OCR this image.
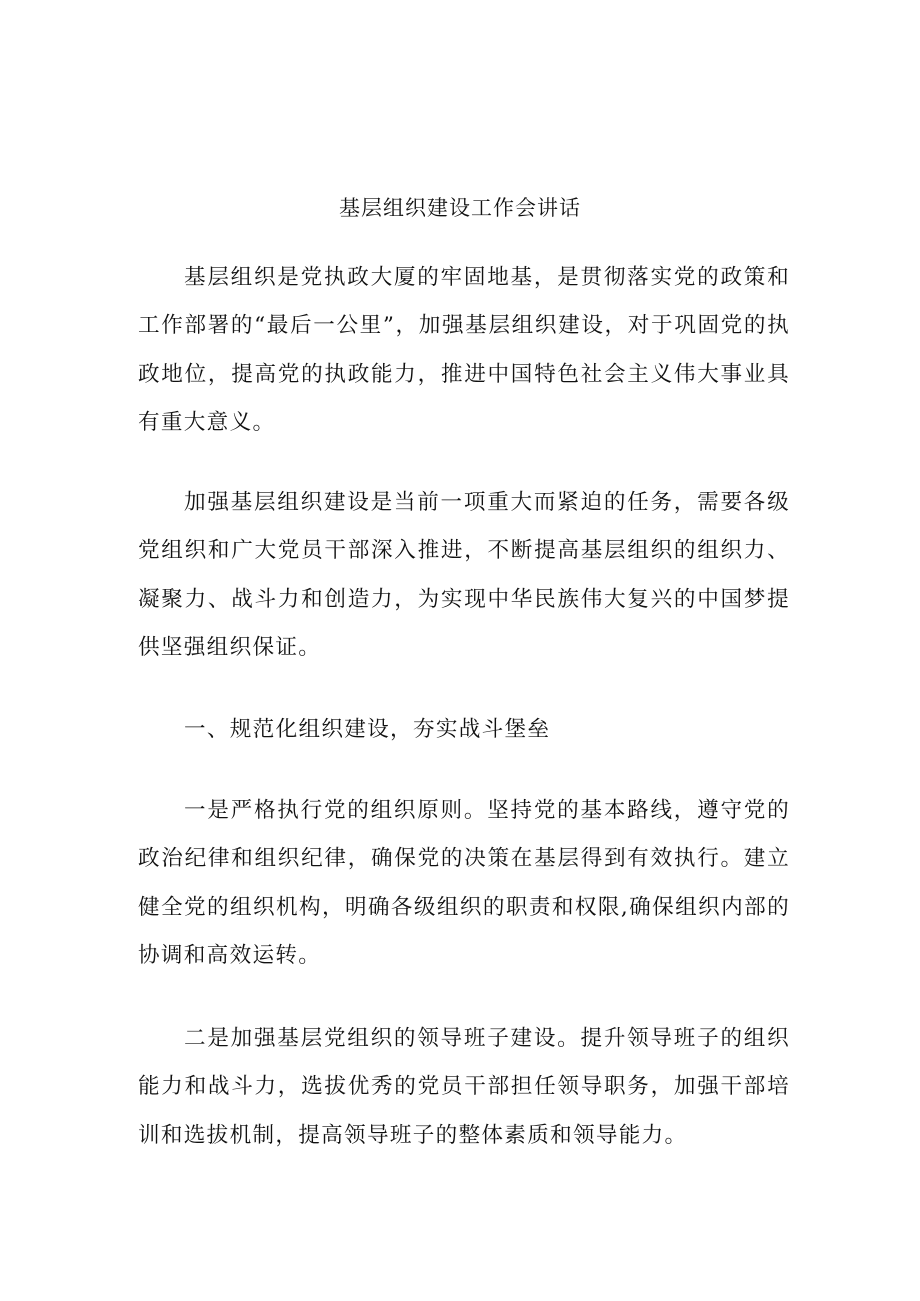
基层组织建设工作会讲话

基层组织是党执政大厦的牢固地基，是贯彻落实党的政策和工作部署的“最后一公里”，加强基层组织建设，对于巩固党的执政地位，提高党的执政能力，推进中国特色社会主义伟大事业具有重大意义。

加强基层组织建设是当前一项重大而紧迫的任务，需要各级党组织和广大党员干部深入推进，不断提高基层组织的组织力、凝聚力、战斗力和创造力，为实现中华民族伟大复兴的中国梦提供坚强组织保证。

一、规范化组织建设，夯实战斗堡垒

一是严格执行党的组织原则。坚持党的基本路线，遵守党的政治纪律和组织纪律，确保党的决策在基层得到有效执行。建立健全党的组织机构，明确各级组织的职责和权限,确保组织内部的协调和高效运转。

二是加强基层党组织的领导班子建设。提升领导班子的组织能力和战斗力，选拔优秀的党员干部担任领导职务，加强干部培训和选拔机制，提高领导班子的整体素质和领导能力。
